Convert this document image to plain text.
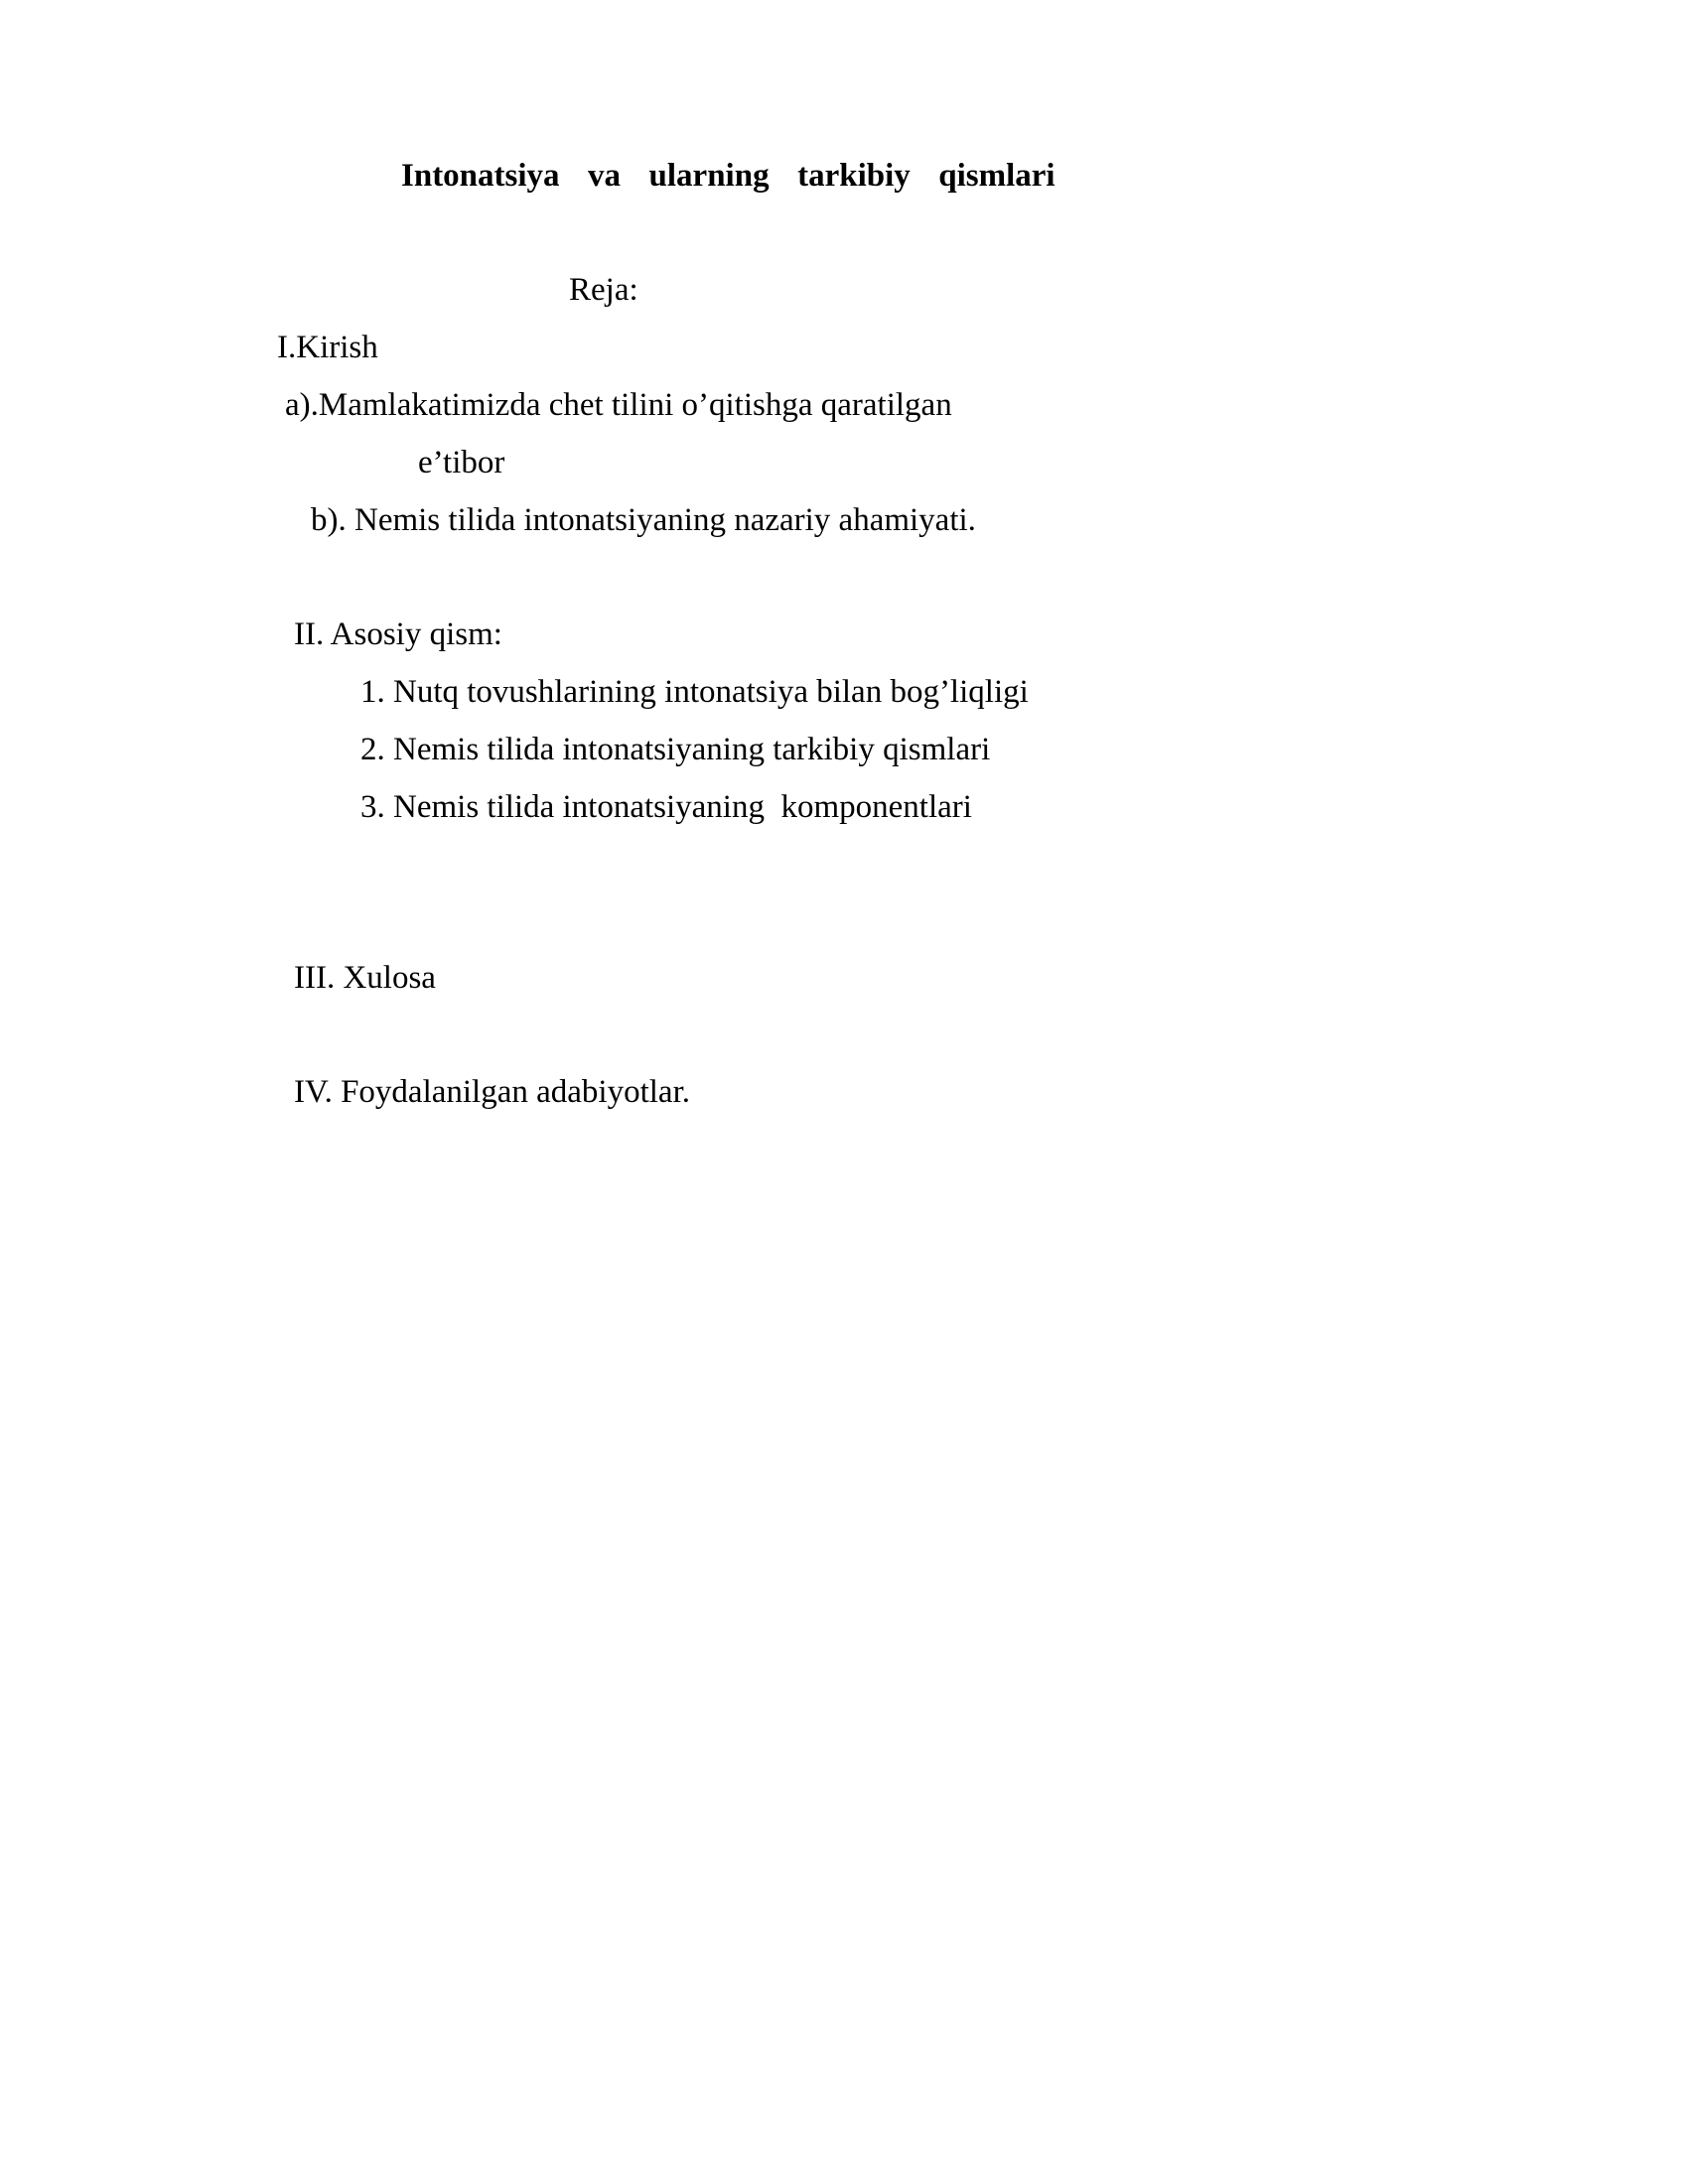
Intonatsiya  va  ularning  tarkibiy  qismlari
Reja:
I.Kirish
a).Mamlakatimizda chet tilini o’qitishga qaratilgan
e’tibor
b). Nemis tilida intonatsiyaning nazariy ahamiyati.
II. Asosiy qism:
1. Nutq tovushlarining intonatsiya bilan bog’liqligi
2. Nemis tilida intonatsiyaning tarkibiy qismlari
3. Nemis tilida intonatsiyaning  komponentlari
III. Xulosa
IV. Foydalanilgan adabiyotlar.
